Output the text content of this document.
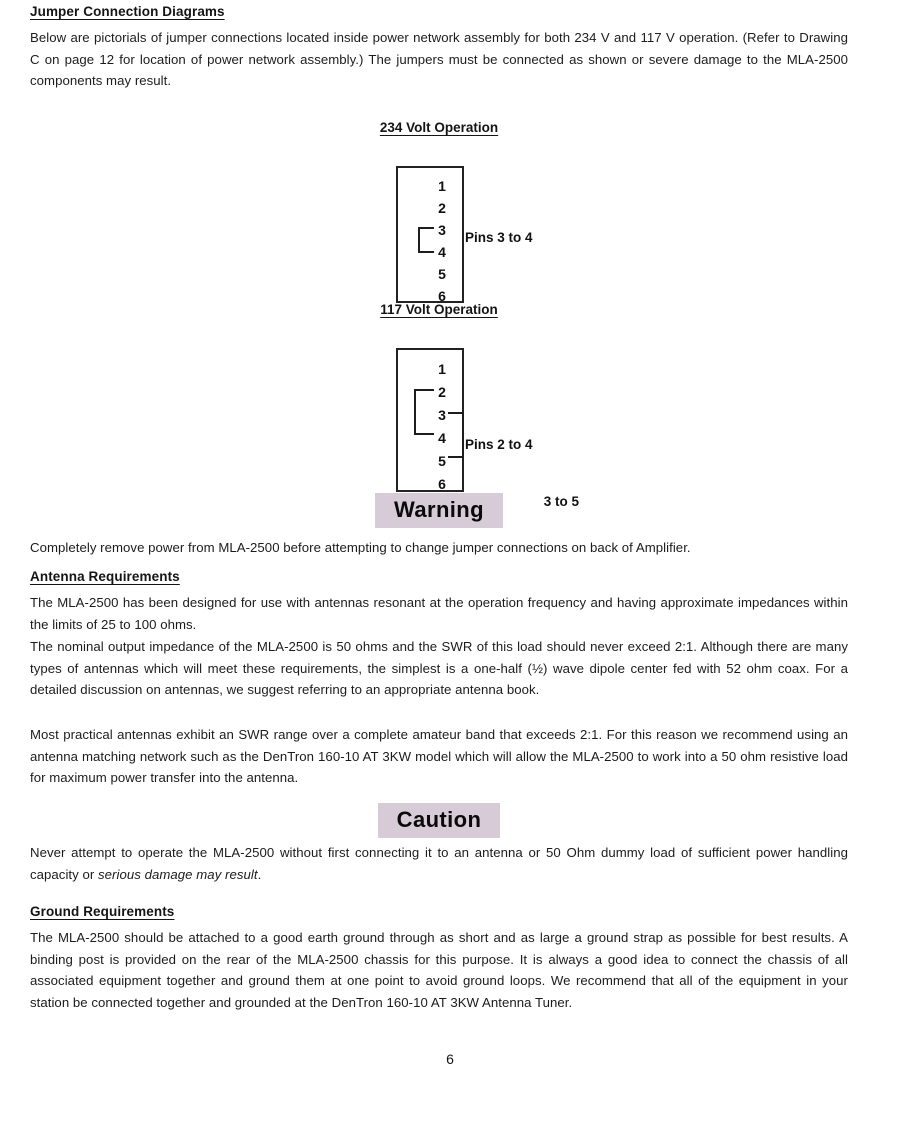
Jumper Connection Diagrams

Below are pictorials of jumper connections located inside power network assembly for both 234 V and 117 V operation. (Refer to Drawing C on page 12 for location of power network assembly.) The jumpers must be connected as shown or severe damage to the MLA-2500 components may result.

234 Volt Operation
1
2
3
4
5
6
Pins 3 to 4
117 Volt Operation
1
2
3
4
5
6

Pins 2 to 4

3 to 5

Warning

Completely remove power from MLA-2500 before attempting to change jumper connections on back of Amplifier.

Antenna Requirements

The MLA-2500 has been designed for use with antennas resonant at the operation frequency and having approximate impedances within the limits of 25 to 100 ohms.

The nominal output impedance of the MLA-2500 is 50 ohms and the SWR of this load should never exceed 2:1. Although there are many types of antennas which will meet these requirements, the simplest is a one-half (½) wave dipole center fed with 52 ohm coax. For a detailed discussion on antennas, we suggest referring to an appropriate antenna book.

Most practical antennas exhibit an SWR range over a complete amateur band that exceeds 2:1. For this reason we recommend using an antenna matching network such as the DenTron 160-10 AT 3KW model which will allow the MLA-2500 to work into a 50 ohm resistive load for maximum power transfer into the antenna.

Caution

Never attempt to operate the MLA-2500 without first connecting it to an antenna or 50 Ohm dummy load of sufficient power handling capacity or serious damage may result.

Ground Requirements

The MLA-2500 should be attached to a good earth ground through as short and as large a ground strap as possible for best results. A binding post is provided on the rear of the MLA-2500 chassis for this purpose. It is always a good idea to connect the chassis of all associated equipment together and ground them at one point to avoid ground loops. We recommend that all of the equipment in your station be connected together and grounded at the DenTron 160-10 AT 3KW Antenna Tuner.

6
